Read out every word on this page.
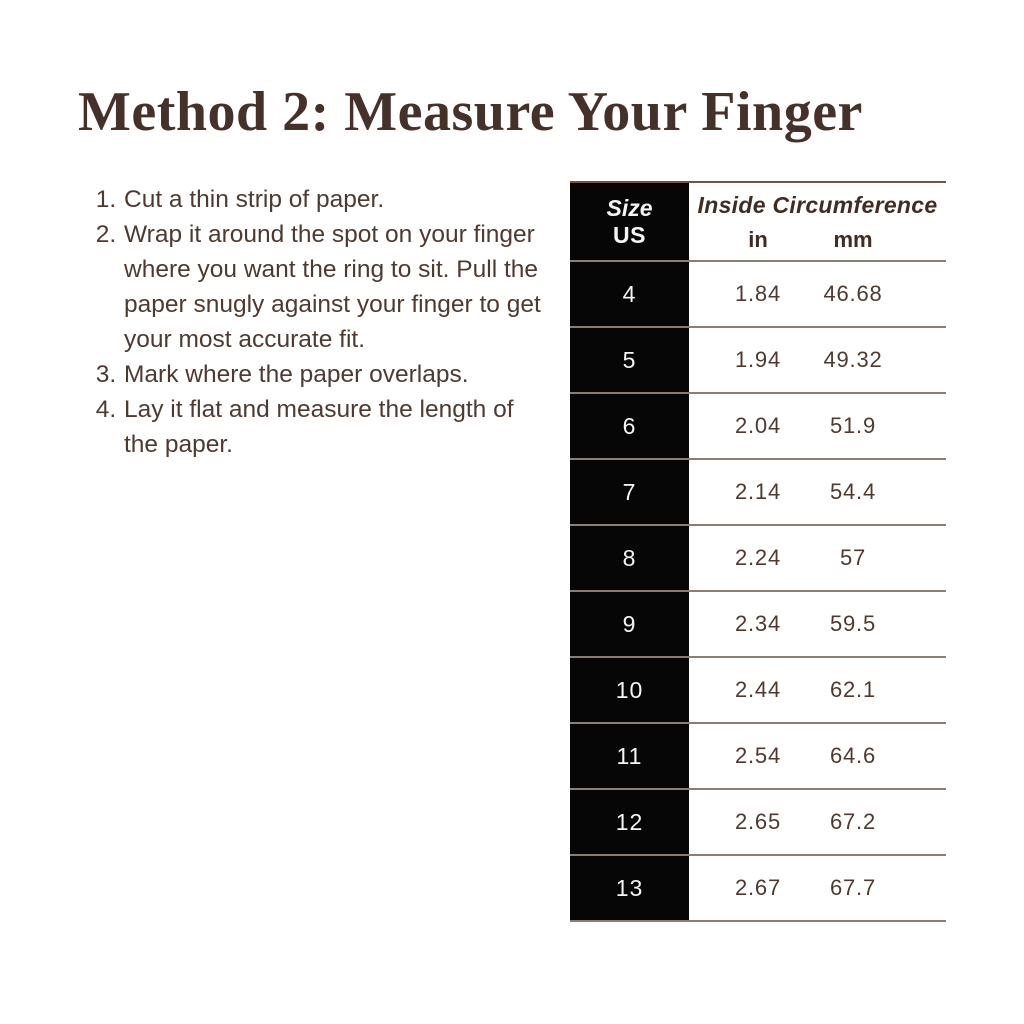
Method 2: Measure Your Finger
1. Cut a thin strip of paper.
2. Wrap it around the spot on your finger where you want the ring to sit. Pull the paper snugly against your finger to get your most accurate fit.
3. Mark where the paper overlaps.
4. Lay it flat and measure the length of the paper.
Size
US
Inside Circumference
in	mm
4	1.84 46.68
5	1.94 49.32
6	2.04 51.9
7	2.14 54.4
8	2.24	57
9	2.34 59.5
10	2.44 62.1
11	2.54 64.6
12	2.65 67.2
13	2.67 67.7
